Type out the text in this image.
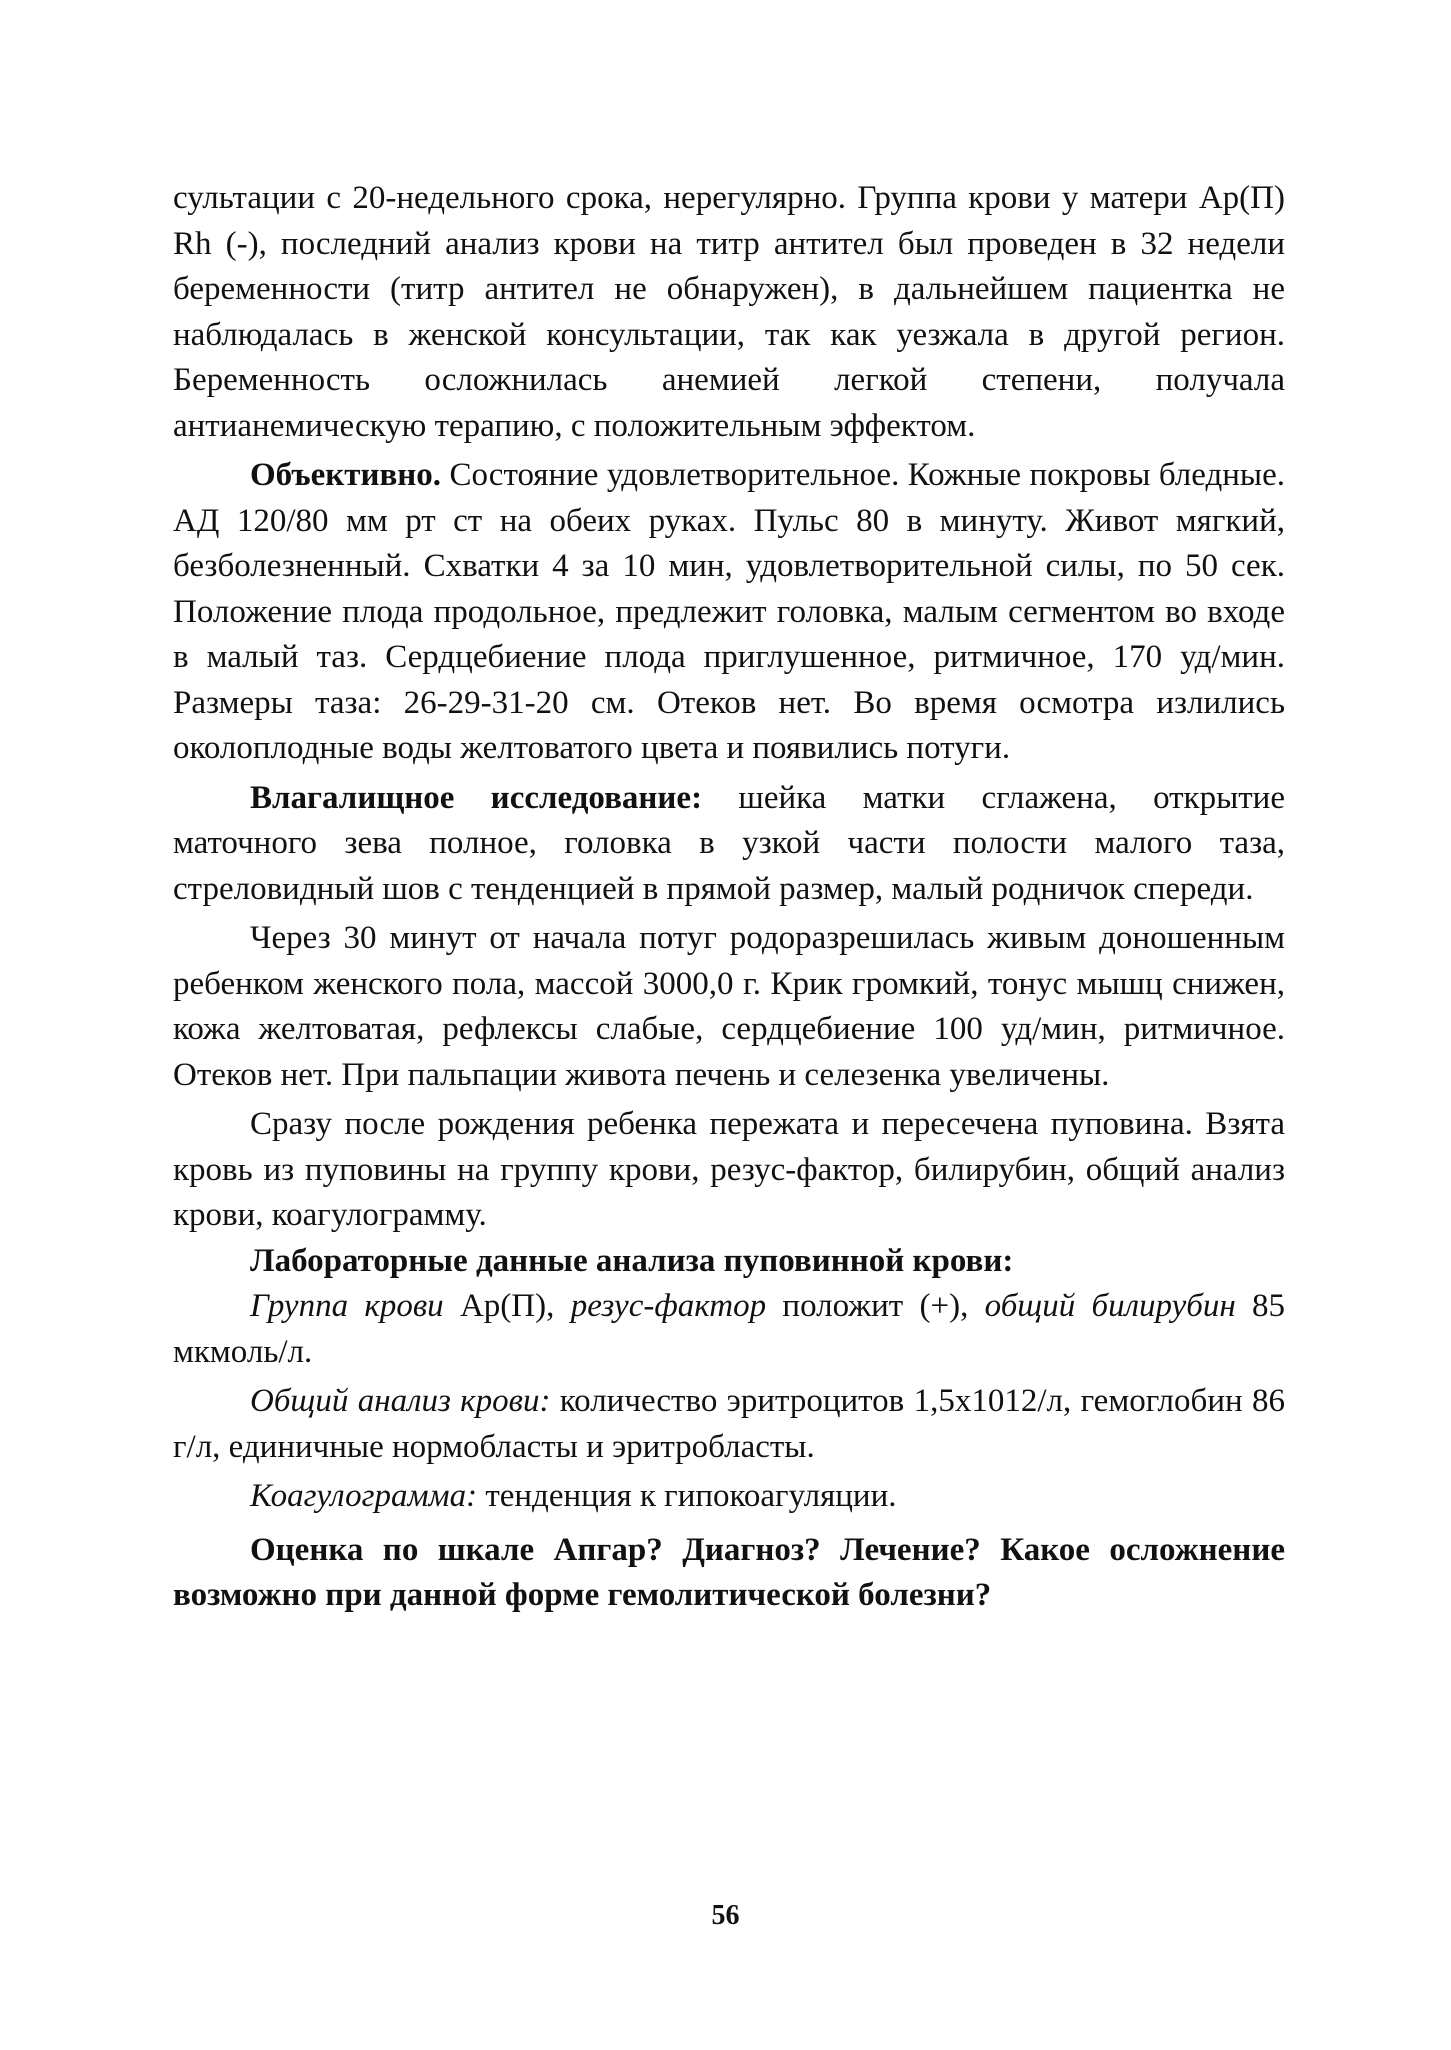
сультации с 20-недельного срока, нерегулярно. Группа крови у матери Ар(П) Rh (-), последний анализ крови на титр антител был проведен в 32 недели беременности (титр антител не обнаружен), в дальнейшем пациентка не наблюдалась в женской консультации, так как уезжала в другой регион. Беременность осложнилась анемией легкой степени, получала антианемическую терапию, с положительным эффектом.

Объективно. Состояние удовлетворительное. Кожные покровы бледные. АД 120/80 мм рт ст на обеих руках. Пульс 80 в минуту. Живот мягкий, безболезненный. Схватки 4 за 10 мин, удовлетворительной силы, по 50 сек. Положение плода продольное, предлежит головка, малым сегментом во входе в малый таз. Сердцебиение плода приглушенное, ритмичное, 170 уд/мин. Размеры таза: 26-29-31-20 см. Отеков нет. Во время осмотра излились околоплодные воды желтоватого цвета и появились потуги.

Влагалищное исследование: шейка матки сглажена, открытие маточного зева полное, головка в узкой части полости малого таза, стреловидный шов с тенденцией в прямой размер, малый родничок спереди.

Через 30 минут от начала потуг родоразрешилась живым доношенным ребенком женского пола, массой 3000,0 г. Крик громкий, тонус мышц снижен, кожа желтоватая, рефлексы слабые, сердцебиение 100 уд/мин, ритмичное. Отеков нет. При пальпации живота печень и селезенка увеличены.

Сразу после рождения ребенка пережата и пересечена пуповина. Взята кровь из пуповины на группу крови, резус-фактор, билирубин, общий анализ крови, коагулограмму.

Лабораторные данные анализа пуповинной крови:

Группа крови Ар(П), резус-фактор положит (+), общий билирубин 85 мкмоль/л.

Общий анализ крови: количество эритроцитов 1,5х1012/л, гемоглобин 86 г/л, единичные нормобласты и эритробласты.

Коагулограмма: тенденция к гипокоагуляции.

Оценка по шкале Апгар? Диагноз? Лечение? Какое осложнение возможно при данной форме гемолитической болезни?

56
